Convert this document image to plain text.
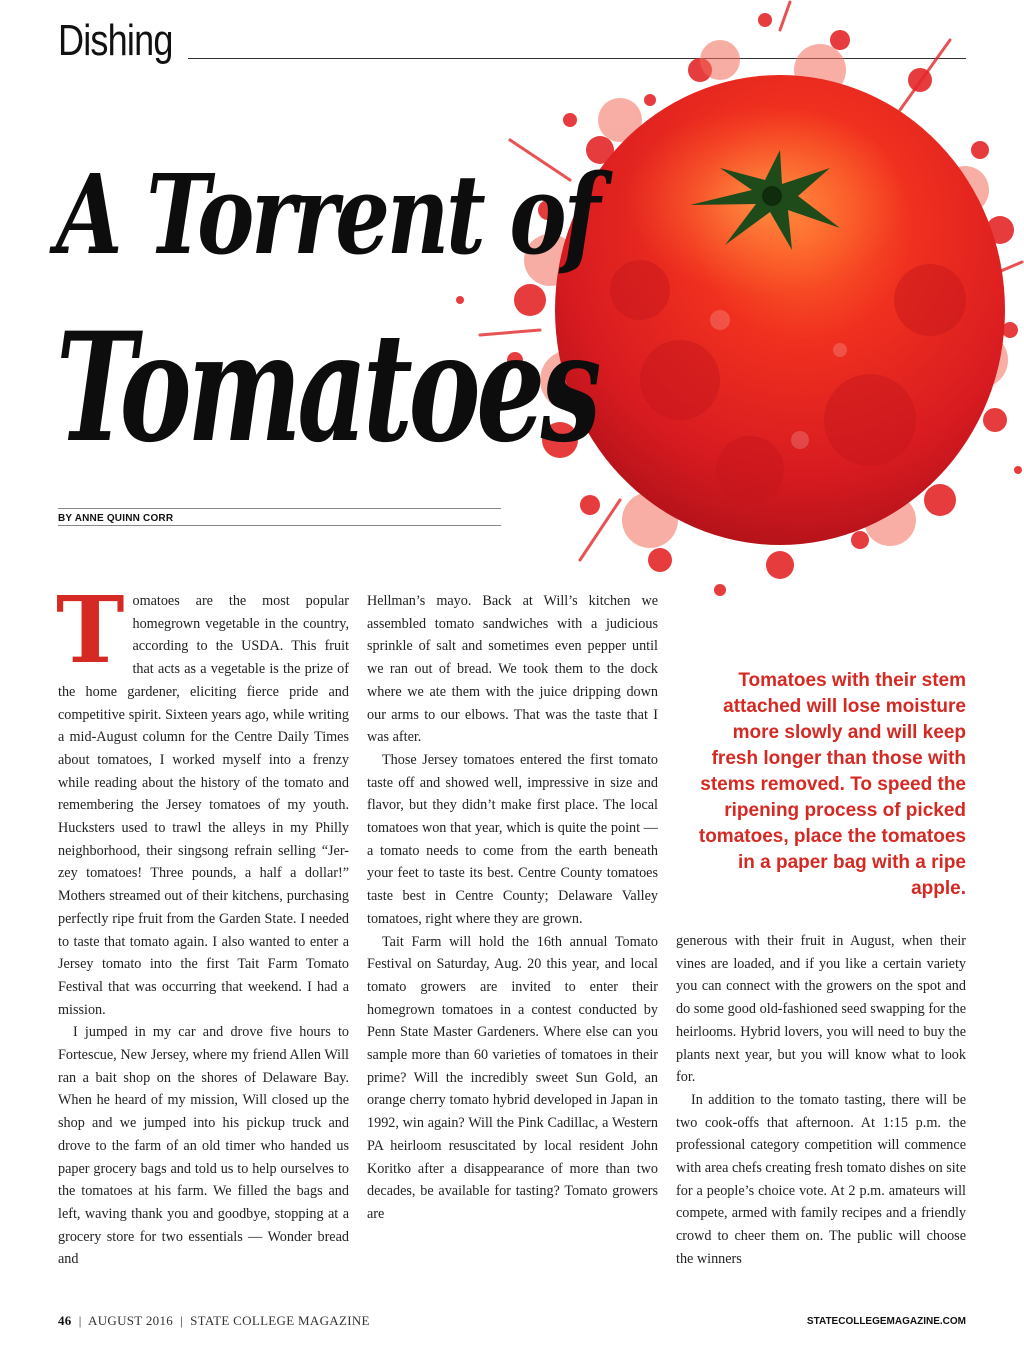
Dishing
A Torrent of
Tomatoes
BY ANNE QUINN CORR
T omatoes are the most popular homegrown vegetable in the country, according to the USDA. This fruit that acts as a vegetable is the prize of the home gardener, eliciting fierce pride and competitive spirit. Sixteen years ago, while writing a mid-August column for the Centre Daily Times about tomatoes, I worked myself into a frenzy while reading about the history of the tomato and remembering the Jersey tomatoes of my youth. Hucksters used to trawl the alleys in my Philly neighborhood, their singsong refrain selling “Jer-zey tomatoes! Three pounds, a half a dollar!” Mothers streamed out of their kitchens, purchasing perfectly ripe fruit from the Garden State. I needed to taste that tomato again. I also wanted to enter a Jersey tomato into the first Tait Farm Tomato Festival that was occurring that weekend. I had a mission.

I jumped in my car and drove five hours to Fortescue, New Jersey, where my friend Allen Will ran a bait shop on the shores of Delaware Bay. When he heard of my mission, Will closed up the shop and we jumped into his pickup truck and drove to the farm of an old timer who handed us paper grocery bags and told us to help ourselves to the tomatoes at his farm. We filled the bags and left, waving thank you and goodbye, stopping at a grocery store for two essentials — Wonder bread and

Hellman’s mayo. Back at Will’s kitchen we assembled tomato sandwiches with a judicious sprinkle of salt and sometimes even pepper until we ran out of bread. We took them to the dock where we ate them with the juice dripping down our arms to our elbows. That was the taste that I was after.

Those Jersey tomatoes entered the first tomato taste off and showed well, impressive in size and flavor, but they didn’t make first place. The local tomatoes won that year, which is quite the point — a tomato needs to come from the earth beneath your feet to taste its best. Centre County tomatoes taste best in Centre County; Delaware Valley tomatoes, right where they are grown.

Tait Farm will hold the 16th annual Tomato Festival on Saturday, Aug. 20 this year, and local tomato growers are invited to enter their homegrown tomatoes in a contest conducted by Penn State Master Gardeners. Where else can you sample more than 60 varieties of tomatoes in their prime? Will the incredibly sweet Sun Gold, an orange cherry tomato hybrid developed in Japan in 1992, win again? Will the Pink Cadillac, a Western PA heirloom resuscitated by local resident John Koritko after a disappearance of more than two decades, be available for tasting? Tomato growers are

Tomatoes with their stem attached will lose moisture more slowly and will keep fresh longer than those with stems removed. To speed the ripening process of picked tomatoes, place the tomatoes in a paper bag with a ripe apple.

generous with their fruit in August, when their vines are loaded, and if you like a certain variety you can connect with the growers on the spot and do some good old-fashioned seed swapping for the heirlooms. Hybrid lovers, you will need to buy the plants next year, but you will know what to look for.

In addition to the tomato tasting, there will be two cook-offs that afternoon. At 1:15 p.m. the professional category competition will commence with area chefs creating fresh tomato dishes on site for a people’s choice vote. At 2 p.m. amateurs will compete, armed with family recipes and a friendly crowd to cheer them on. The public will choose the winners

46  |  AUGUST 2016  |  STATE COLLEGE MAGAZINE	STATECOLLEGEMAGAZINE.COM
